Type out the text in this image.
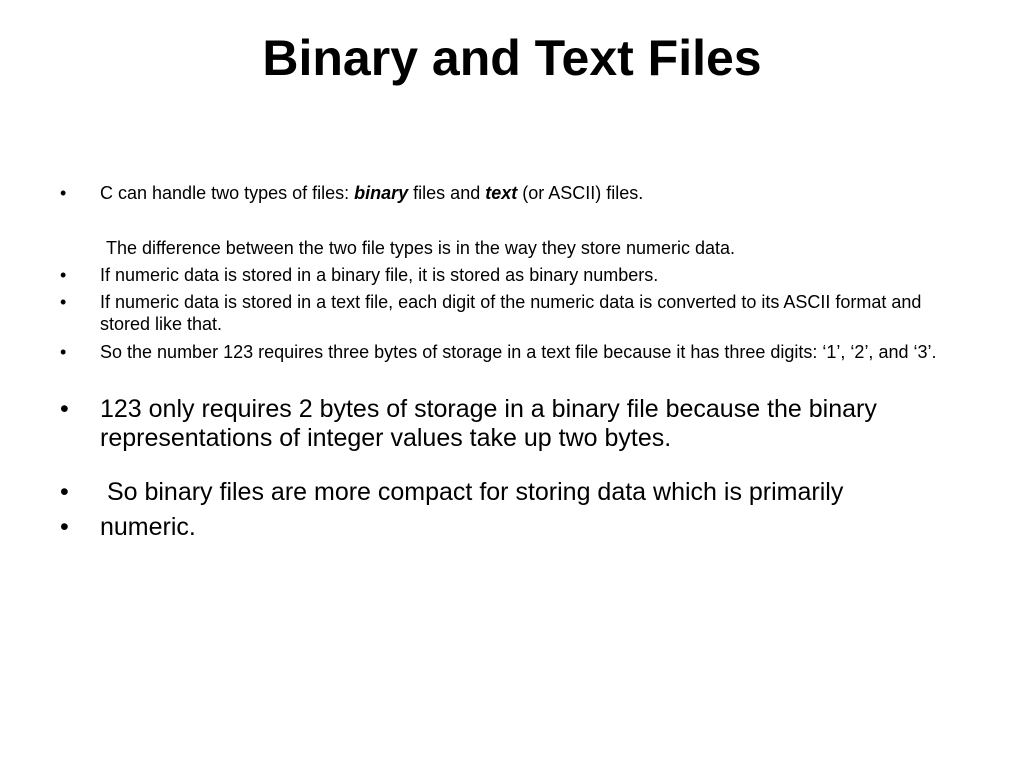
Binary and Text Files
• C can handle two types of files: binary files and text (or ASCII) files.
The difference between the two file types is in the way they store numeric data.
• If numeric data is stored in a binary file, it is stored as binary numbers.
• If numeric data is stored in a text file, each digit of the numeric data is converted to its ASCII format and stored like that.
• So the number 123 requires three bytes of storage in a text file because it has three digits: ‘1’, ‘2’, and ‘3’.
• 123 only requires 2 bytes of storage in a binary file because the binary representations of integer values take up two bytes.
• So binary files are more compact for storing data which is primarily
• numeric.
